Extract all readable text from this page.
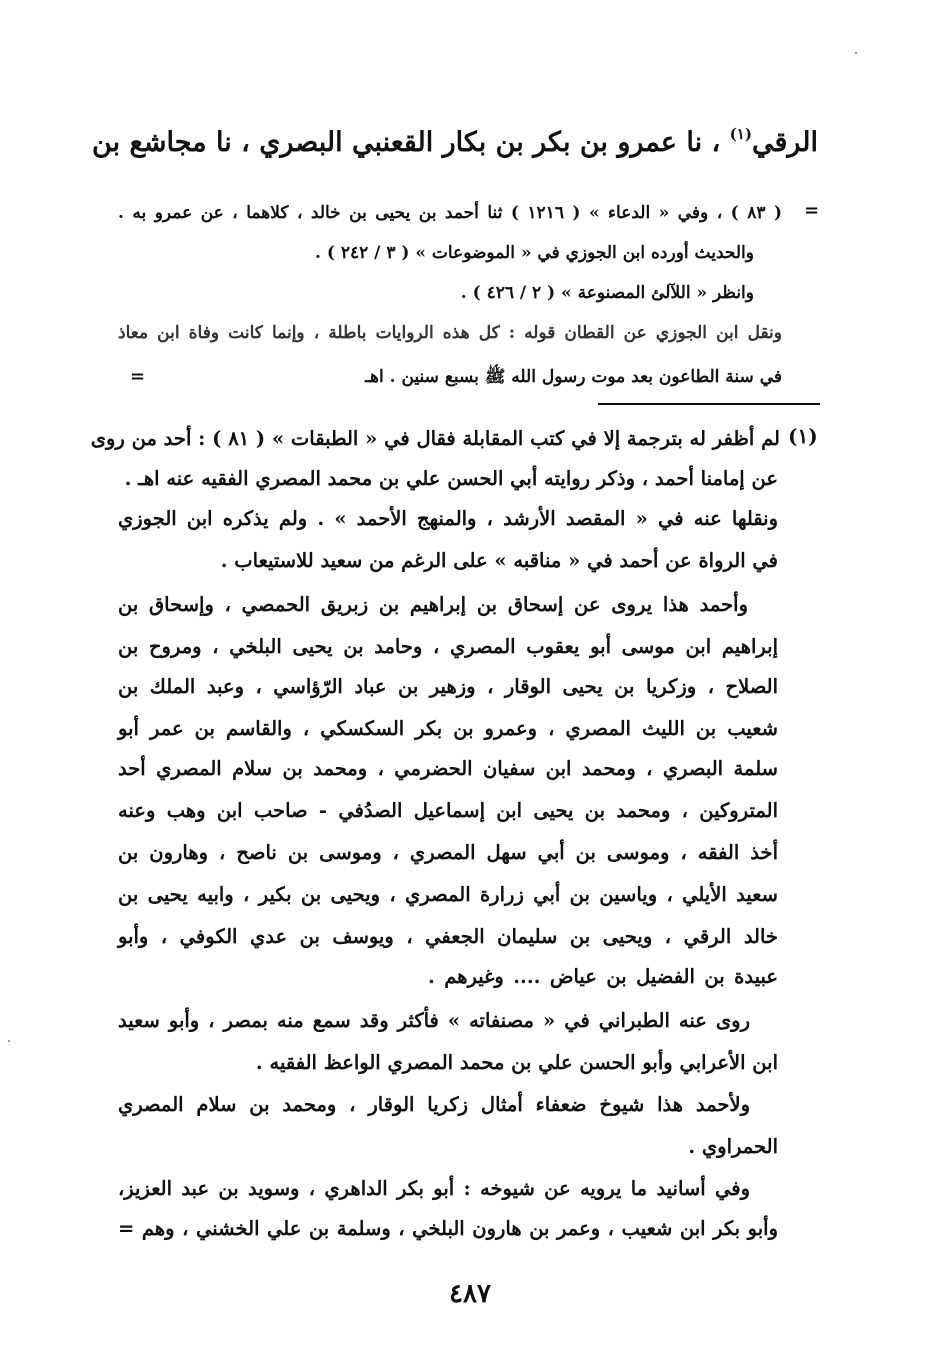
الرقي$^{(١)}$ ، نا عمرو بن بكر بن بكار القعنبي البصري ، نا مجاشع بن
=
( ٨٣ ) ، وفي « الدعاء » ( ١٢١٦ ) ثنا أحمد بن يحيى بن خالد ، كلاهما ، عن عمرو به .
والحديث أورده ابن الجوزي في « الموضوعات » ( ٣ / ٢٤٢ ) .
وانظر « اللآلئ المصنوعة » ( ٢ / ٤٢٦ ) .
ونقل ابن الجوزي عن القطان قوله : كل هذه الروايات باطلة ، وإنما كانت وفاة ابن معاذ
في سنة الطاعون بعد موت رسول الله ﷺ بسبع سنين . اهـ
=
(١)
لم أظفر له بترجمة إلا في كتب المقابلة فقال في « الطبقات » ( ٨١ ) : أحد من روى
عن إمامنا أحمد ، وذكر روايته أبي الحسن علي بن محمد المصري الفقيه عنه اهـ .
ونقلها عنه في « المقصد الأرشد ، والمنهج الأحمد » . ولم يذكره ابن الجوزي
في الرواة عن أحمد في « مناقبه » على الرغم من سعيد للاستيعاب .
وأحمد هذا يروى عن إسحاق بن إبراهيم بن زبريق الحمصي ، وإسحاق بن
إبراهيم ابن موسى أبو يعقوب المصري ، وحامد بن يحيى البلخي ، ومروح بن
الصلاح ، وزكريا بن يحيى الوقار ، وزهير بن عباد الرّؤاسي ، وعبد الملك بن
شعيب بن الليث المصري ، وعمرو بن بكر السكسكي ، والقاسم بن عمر أبو
سلمة البصري ، ومحمد ابن سفيان الحضرمي ، ومحمد بن سلام المصري أحد
المتروكين ، ومحمد بن يحيى ابن إسماعيل الصدُفي - صاحب ابن وهب وعنه
أخذ الفقه ، وموسى بن أبي سهل المصري ، وموسى بن ناصح ، وهارون بن
سعيد الأيلي ، وياسين بن أبي زرارة المصري ، ويحيى بن بكير ، وابيه يحيى بن
خالد الرقي ، ويحيى بن سليمان الجعفي ، ويوسف بن عدي الكوفي ، وأبو
عبيدة بن الفضيل بن عياض .... وغيرهم .
روى عنه الطبراني في « مصنفاته » فأكثر وقد سمع منه بمصر ، وأبو سعيد
ابن الأعرابي وأبو الحسن علي بن محمد المصري الواعظ الفقيه .
ولأحمد هذا شيوخ ضعفاء أمثال زكريا الوقار ، ومحمد بن سلام المصري
الحمراوي .
وفي أسانيد ما يرويه عن شيوخه : أبو بكر الداهري ، وسويد بن عبد العزيز،
وأبو بكر ابن شعيب ، وعمر بن هارون البلخي ، وسلمة بن علي الخشني ، وهم =
٤٨٧
